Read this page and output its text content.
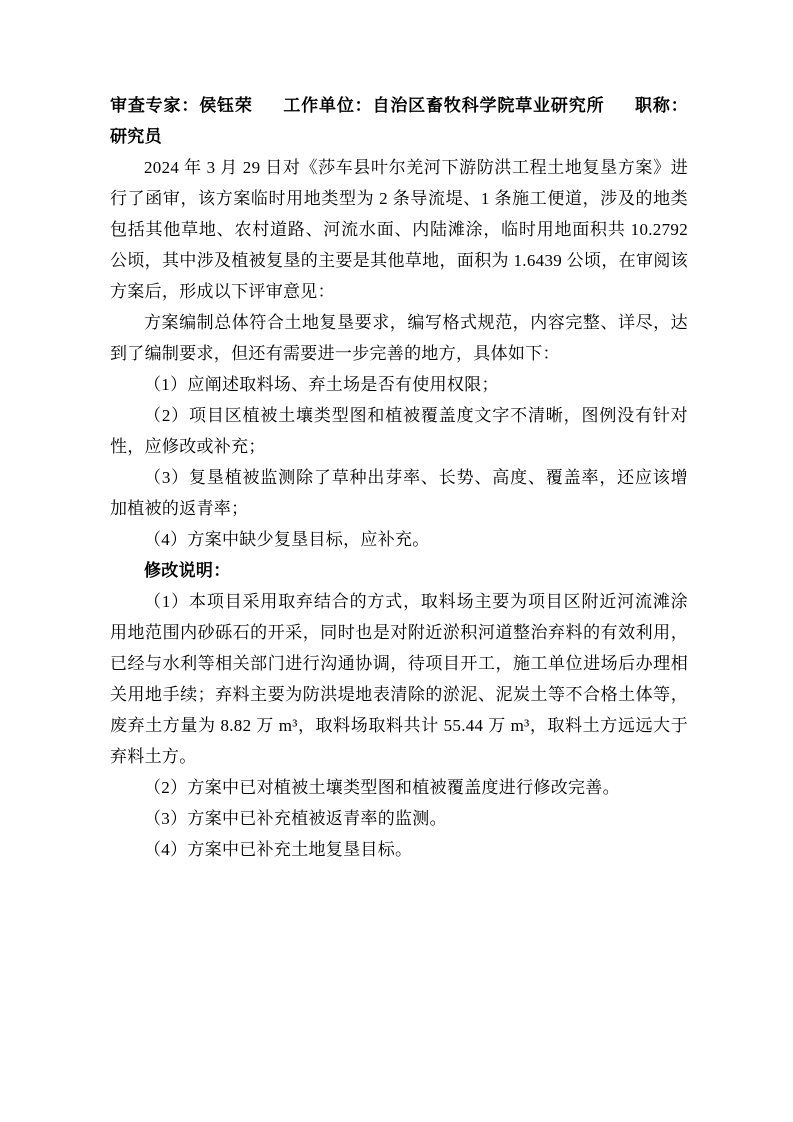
审查专家：侯钰荣 工作单位：自治区畜牧科学院草业研究所 职称：研究员

2024 年 3 月 29 日对《莎车县叶尔羌河下游防洪工程土地复垦方案》进行了函审，该方案临时用地类型为 2 条导流堤、1 条施工便道，涉及的地类包括其他草地、农村道路、河流水面、内陆滩涂，临时用地面积共 10.2792 公顷，其中涉及植被复垦的主要是其他草地，面积为 1.6439 公顷，在审阅该方案后，形成以下评审意见：

方案编制总体符合土地复垦要求，编写格式规范，内容完整、详尽，达到了编制要求，但还有需要进一步完善的地方，具体如下：

（1）应阐述取料场、弃土场是否有使用权限；

（2）项目区植被土壤类型图和植被覆盖度文字不清晰，图例没有针对性，应修改或补充；

（3）复垦植被监测除了草种出芽率、长势、高度、覆盖率，还应该增加植被的返青率；

（4）方案中缺少复垦目标，应补充。

修改说明：

（1）本项目采用取弃结合的方式，取料场主要为项目区附近河流滩涂用地范围内砂砾石的开采，同时也是对附近淤积河道整治弃料的有效利用，已经与水利等相关部门进行沟通协调，待项目开工，施工单位进场后办理相关用地手续；弃料主要为防洪堤地表清除的淤泥、泥炭土等不合格土体等，废弃土方量为 8.82 万 m³，取料场取料共计 55.44 万 m³，取料土方远远大于弃料土方。

（2）方案中已对植被土壤类型图和植被覆盖度进行修改完善。

（3）方案中已补充植被返青率的监测。

（4）方案中已补充土地复垦目标。
